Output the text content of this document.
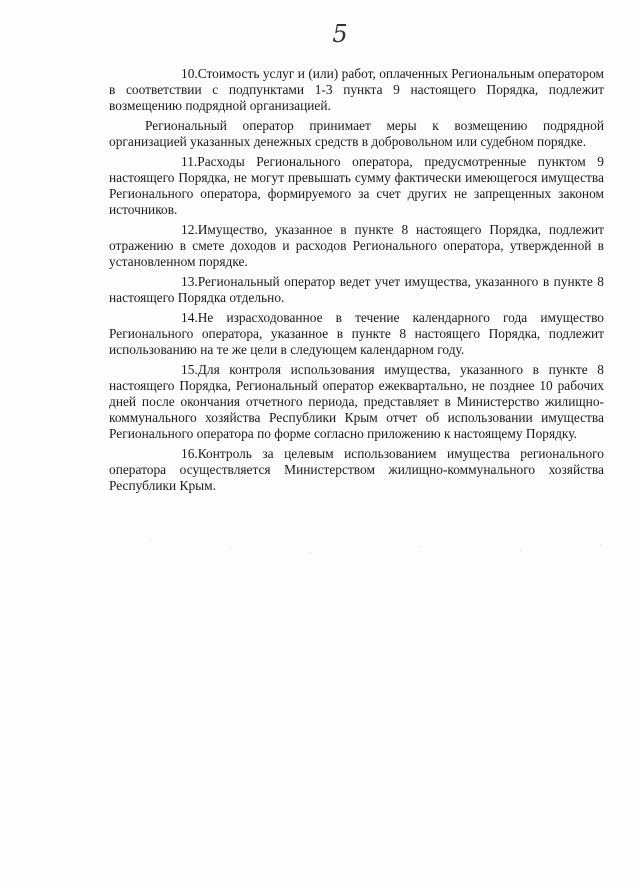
5

10.Стоимость услуг и (или) работ, оплаченных Региональным оператором в соответствии с подпунктами 1-3 пункта 9 настоящего Порядка, подлежит возмещению подрядной организацией.

Региональный оператор принимает меры к возмещению подрядной организацией указанных денежных средств в добровольном или судебном порядке.

11.Расходы Регионального оператора, предусмотренные пунктом 9 настоящего Порядка, не могут превышать сумму фактически имеющегося имущества Регионального оператора, формируемого за счет других не запрещенных законом источников.

12.Имущество, указанное в пункте 8 настоящего Порядка, подлежит отражению в смете доходов и расходов Регионального оператора, утвержденной в установленном порядке.

13.Региональный оператор ведет учет имущества, указанного в пункте 8 настоящего Порядка отдельно.

14.Не израсходованное в течение календарного года имущество Регионального оператора, указанное в пункте 8 настоящего Порядка, подлежит использованию на те же цели в следующем календарном году.

15.Для контроля использования имущества, указанного в пункте 8 настоящего Порядка, Региональный оператор ежеквартально, не позднее 10 рабочих дней после окончания отчетного периода, представляет в Министерство жилищно-коммунального хозяйства Республики Крым отчет об использовании имущества Регионального оператора по форме согласно приложению к настоящему Порядку.

16.Контроль за целевым использованием имущества регионального оператора осуществляется Министерством жилищно-коммунального хозяйства Республики Крым.
